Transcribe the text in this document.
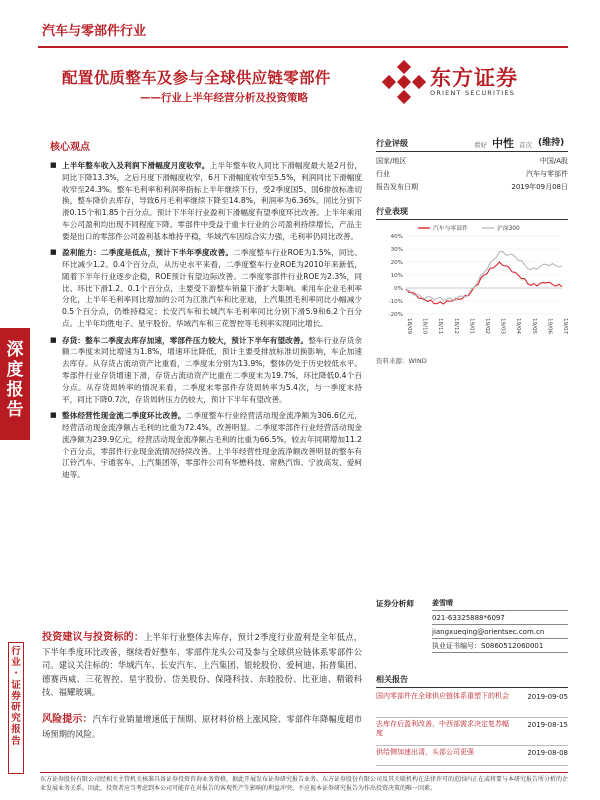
汽车与零部件行业
配置优质整车及参与全球供应链零部件
——行业上半年经营分析及投资策略
东方证券
ORIENT SECURITIES
深度
报告
行
业
·
证
券
研
究
报
告
核心观点
■ 上半年整车收入及利润下滑幅度月度收窄。上半年整车收入同比下滑幅度最大是2月份，同比下降13.3%，之后月度下滑幅度收窄，6月下滑幅度收窄至5.5%，利润同比下滑幅度收窄至24.3%。整车毛利率和利润率指标上半年继续下行，受2季度国5、国6排放标准切换，整车降价去库存，导致6月毛利率继续下降至14.8%，利润率为6.36%，同比分别下滑0.15个和1.85个百分点。预计下半年行业盈利下滑幅度有望季度环比改善。上半年乘用车公司盈利均出现不同程度下降。零部件中受益于重卡行业的公司盈利持续增长，产品主要是出口的零部件公司盈利基本维持平稳，华域汽车因综合实力强，毛利率仍同比改善。
■ 盈利能力：二季度是低点，预计下半年季度改善。二季度整车行业ROE为1.5%，同比、环比减少1.2、0.4个百分点，从历史水平来看，二季度整车行业ROE为2010年来新低，随着下半年行业逐步企稳，ROE预计有望边际改善。二季度零部件行业ROE为2.3%，同比、环比下滑1.2、0.1个百分点，主要受下游整车销量下滑扩大影响。乘用车企业毛利率分化，上半年毛利率同比增加的公司为江淮汽车和比亚迪，上汽集团毛利率同比小幅减少0.5个百分点，仍维持稳定；长安汽车和长城汽车毛利率同比分别下滑5.9和6.2个百分点。上半年均胜电子、星宇股份、华域汽车和三花智控等毛利率实现同比增长。
■ 存货：整车二季度去库存加速，零部件压力较大，预计下半年有望改善。整车行业存货余额二季度末同比增速为1.8%，增速环比降低，预计主要受排放标准切换影响，车企加速去库存。从存货占流动资产比重看，二季度末分别为13.9%，整体仍处于历史较低水平。零部件行业存货增速下滑，存货占流动资产比重在二季度末为19.7%，环比降低0.4个百分点。从存货周转率的情况来看，二季度末零部件存货周转率为5.4次，与一季度末持平，同比下降0.7次，存货周转压力仍较大，预计下半年有望改善。
■ 整体经营性现金流二季度环比改善。二季度整车行业经营活动现金流净额为306.6亿元，经营活动现金流净额占毛利的比重为72.4%，改善明显。二季度零部件行业经营活动现金流净额为239.9亿元，经营活动现金流净额占毛利的比重为66.5%，较去年同期增加11.2个百分点，零部件行业现金流情况持续改善。上半年经营性现金流净额改善明显的整车有江铃汽车、宇通客车、上汽集团等，零部件公司有华懋科技、常熟汽饰、宁波高发、爱柯迪等。
投资建议与投资标的：上半年行业整体去库存，预计2季度行业盈利是全年低点，下半年季度环比改善，继续看好整车、零部件龙头公司及参与全球供应链体系零部件公司。建议关注标的：华域汽车、长安汽车、上汽集团、银轮股份、爱柯迪、拓普集团、德赛西威、三花智控、星宇股份、岱美股份、保隆科技、东睦股份、比亚迪、精锻科技、福耀玻璃。
风险提示：汽车行业销量增速低于预期、原材料价格上涨风险、零部件年降幅度超市场预期的风险。
行业评级	看好 中性 首次 (维持)
国家/地区	中国/A股
行业	汽车与零部件
报告发布日期	2019年09月08日
行业表现
40%
30%
20%
10%
0%
-10%
-20%
18/09 18/10 18/11 18/12 19/01 19/02 19/03 19/04 19/05 19/06 19/07
汽车与零部件	沪深300
资料来源：WIND
证券分析师	姜雪晴
021-63325888*6097
jiangxueqing@orientsec.com.cn
执业证书编号：S0860512060001
相关报告
国内零部件在全球供应链体系重塑下的机会	2019-09-05
去库存后盈利改善，中西部需求决定复苏幅度
2019-08-15
供给侧加速出清，头部公司更强	2019-08-08
东方证券股份有限公司经相关主管机关核准具备证券投资咨询业务资格，据此开展发布证券研究报告业务。东方证券股份有限公司及其关联机构在法律许可的范围内正在或将要与本研究报告所分析的企业发展业务关系。因此，投资者应当考虑到本公司可能存在对报告的客观性产生影响的利益冲突，不应视本证券研究报告为作出投资决策的唯一因素。
